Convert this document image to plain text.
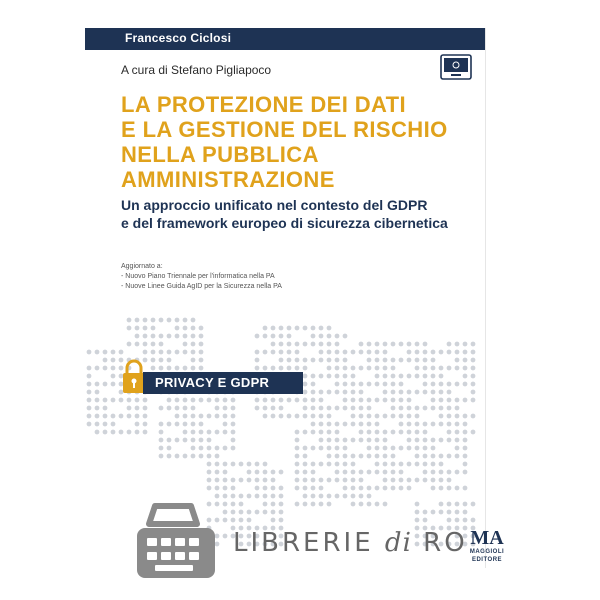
Francesco Ciclosi
A cura di Stefano Pigliapoco
LA PROTEZIONE DEI DATI
E LA GESTIONE DEL RISCHIO
NELLA PUBBLICA
AMMINISTRAZIONE
Un approccio unificato nel contesto del GDPR
e del framework europeo di sicurezza cibernetica
Aggiornato a:
- Nuovo Piano Triennale per l'informatica nella PA
- Nuove Linee Guida AgID per la Sicurezza nella PA
PRIVACY E GDPR
LIBRERIE di RO MA
MAGGIOLI
EDITORE
